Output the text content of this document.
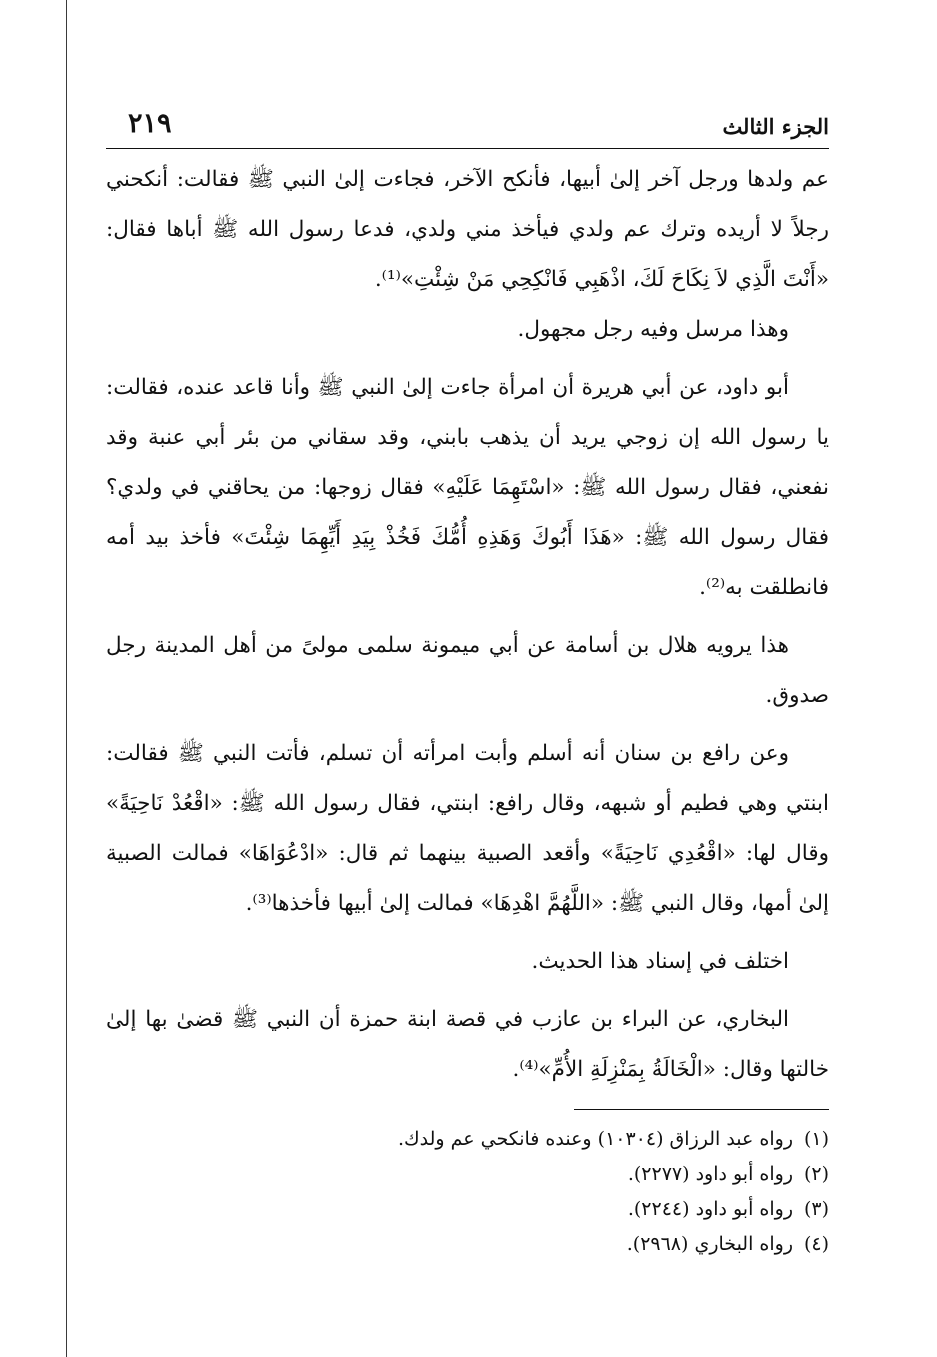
الجزء الثالث
٢١٩

عم ولدها ورجل آخر إلىٰ أبيها، فأنكح الآخر، فجاءت إلىٰ النبي ﷺ فقالت: أنكحني رجلاً لا أريده وترك عم ولدي فيأخذ مني ولدي، فدعا رسول الله ﷺ أباها فقال: «أَنْتَ الَّذِي لاَ نِكَاحَ لَكَ، اذْهَبِي فَانْكِحِي مَنْ شِئْتِ»⁽¹⁾.

وهذا مرسل وفيه رجل مجهول.

أبو داود، عن أبي هريرة أن امرأة جاءت إلىٰ النبي ﷺ وأنا قاعد عنده، فقالت: يا رسول الله إن زوجي يريد أن يذهب بابني، وقد سقاني من بئر أبي عنبة وقد نفعني، فقال رسول الله ﷺ: «اسْتَهِمَا عَلَيْهِ» فقال زوجها: من يحاقني في ولدي؟ فقال رسول الله ﷺ: «هَذَا أَبُوكَ وَهَذِهِ أُمُّكَ فَخُذْ بِيَدِ أَيِّهِمَا شِئْتَ» فأخذ بيد أمه فانطلقت به⁽²⁾.

هذا يرويه هلال بن أسامة عن أبي ميمونة سلمى مولىً من أهل المدينة رجل صدوق.

وعن رافع بن سنان أنه أسلم وأبت امرأته أن تسلم، فأتت النبي ﷺ فقالت: ابنتي وهي فطيم أو شبهه، وقال رافع: ابنتي، فقال رسول الله ﷺ: «اقْعُدْ نَاحِيَةً» وقال لها: «اقْعُدِي نَاحِيَةً» وأقعد الصبية بينهما ثم قال: «ادْعُوَاهَا» فمالت الصبية إلىٰ أمها، وقال النبي ﷺ: «اللَّهُمَّ اهْدِهَا» فمالت إلىٰ أبيها فأخذها⁽³⁾.

اختلف في إسناد هذا الحديث.

البخاري، عن البراء بن عازب في قصة ابنة حمزة أن النبي ﷺ قضىٰ بها إلىٰ خالتها وقال: «الْخَالَةُ بِمَنْزِلَةِ الأُمِّ»⁽⁴⁾.

(١)
رواه عبد الرزاق (١٠٣٠٤) وعنده فانكحي عم ولدك.
(٢)
رواه أبو داود (٢٢٧٧).
(٣)
رواه أبو داود (٢٢٤٤).
(٤)
رواه البخاري (٢٩٦٨).
